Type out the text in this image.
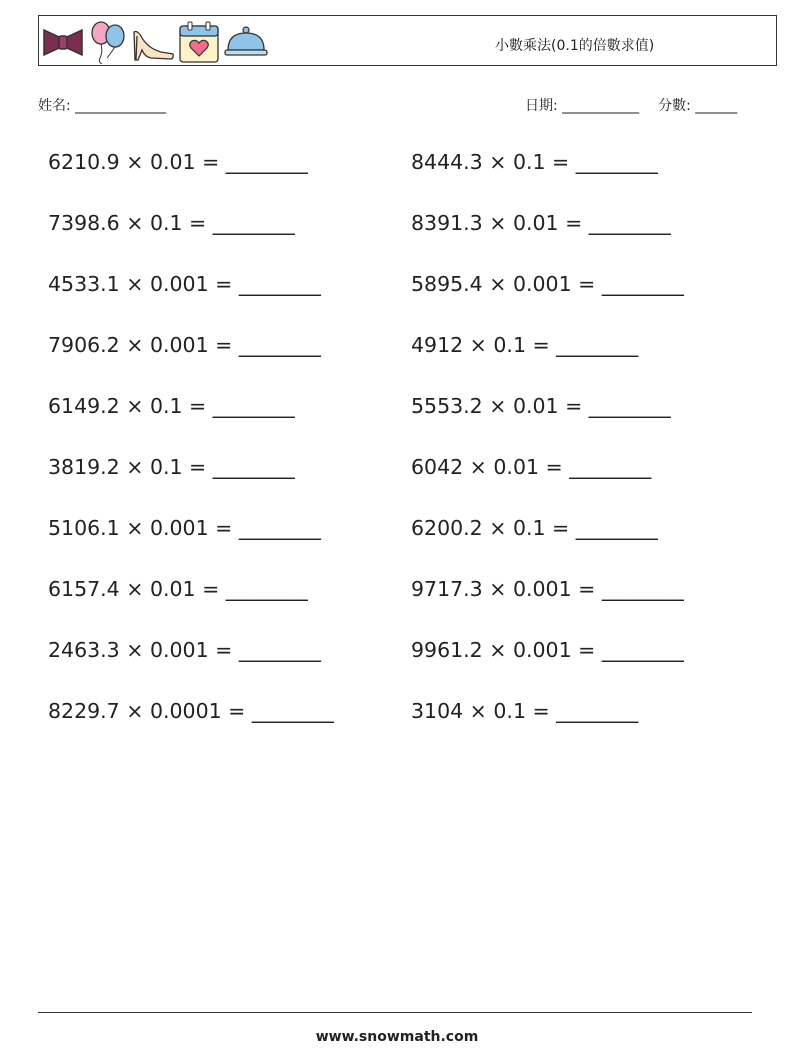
小數乘法(0.1的倍數求值)
姓名: _____________	日期: ___________ 分數: ______
6210.9 × 0.01 = ________
7398.6 × 0.1 = ________
4533.1 × 0.001 = ________
7906.2 × 0.001 = ________
6149.2 × 0.1 = ________
3819.2 × 0.1 = ________
5106.1 × 0.001 = ________
6157.4 × 0.01 = ________
2463.3 × 0.001 = ________
8229.7 × 0.0001 = ________
8444.3 × 0.1 = ________
8391.3 × 0.01 = ________
5895.4 × 0.001 = ________
4912 × 0.1 = ________
5553.2 × 0.01 = ________
6042 × 0.01 = ________
6200.2 × 0.1 = ________
9717.3 × 0.001 = ________
9961.2 × 0.001 = ________
3104 × 0.1 = ________
www.snowmath.com
